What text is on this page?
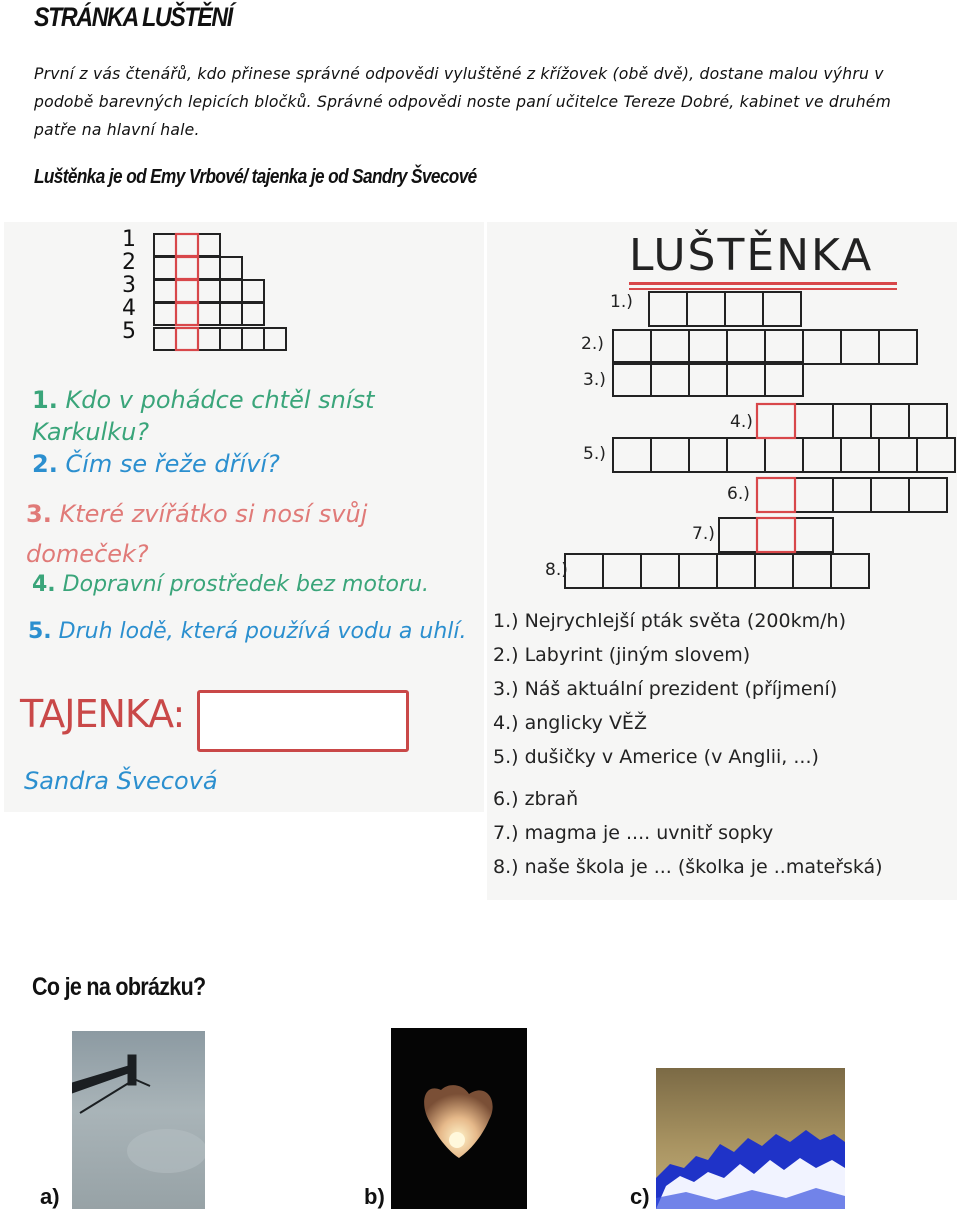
STRÁNKA LUŠTĚNÍ

První z vás čtenářů, kdo přinese správné odpovědi vyluštěné z křížovek (obě dvě), dostane malou výhru v podobě barevných lepicích bločků. Správné odpovědi noste paní učitelce Tereze Dobré, kabinet ve druhém patře na hlavní hale.

Luštěnka je od Emy Vrbové/ tajenka je od Sandry Švecové

1
2
3
4
5
1. Kdo v pohádce chtěl sníst Karkulku?
2. Čím se řeže dříví?
3. Které zvířátko si nosí svůj domeček?
4. Dopravní prostředek bez motoru.
5. Druh lodě, která používá vodu a uhlí.
TAJENKA:
Sandra Švecová
LUŠTĚNKA
1.)
2.)
3.)
4.)
5.)
6.)
7.)
8.)
1.) Nejrychlejší pták světa (200km/h)
2.) Labyrint (jiným slovem)
3.) Náš aktuální prezident (příjmení)
4.) anglicky VĚŽ
5.) dušičky v Americe (v Anglii, ...)
6.) zbraň
7.) magma je .... uvnitř sopky
8.) naše škola je ... (školka je ..mateřská)
Co je na obrázku?
a)	b)	c)
